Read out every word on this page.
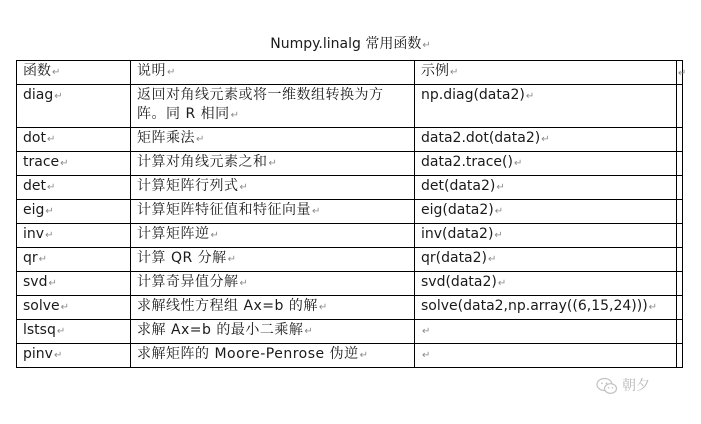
Numpy.linalg 常用函数↵
函数↵	说明↵	示例↵	↵
diag↵	返回对角线元素或将一维数组转换为方阵。同 R 相同↵	np.diag(data2)↵	
dot↵	矩阵乘法↵	data2.dot(data2)↵	
trace↵	计算对角线元素之和↵	data2.trace()↵	
det↵	计算矩阵行列式↵	det(data2)↵	
eig↵	计算矩阵特征值和特征向量↵	eig(data2)↵	
inv↵	计算矩阵逆↵	inv(data2)↵	
qr↵	计算 QR 分解↵	qr(data2)↵	
svd↵	计算奇异值分解↵	svd(data2)↵	
solve↵	求解线性方程组 Ax=b 的解↵	solve(data2,np.array((6,15,24)))↵	
lstsq↵	求解 Ax=b 的最小二乘解↵	↵	
pinv↵	求解矩阵的 Moore-Penrose 伪逆↵	↵	
朝夕
